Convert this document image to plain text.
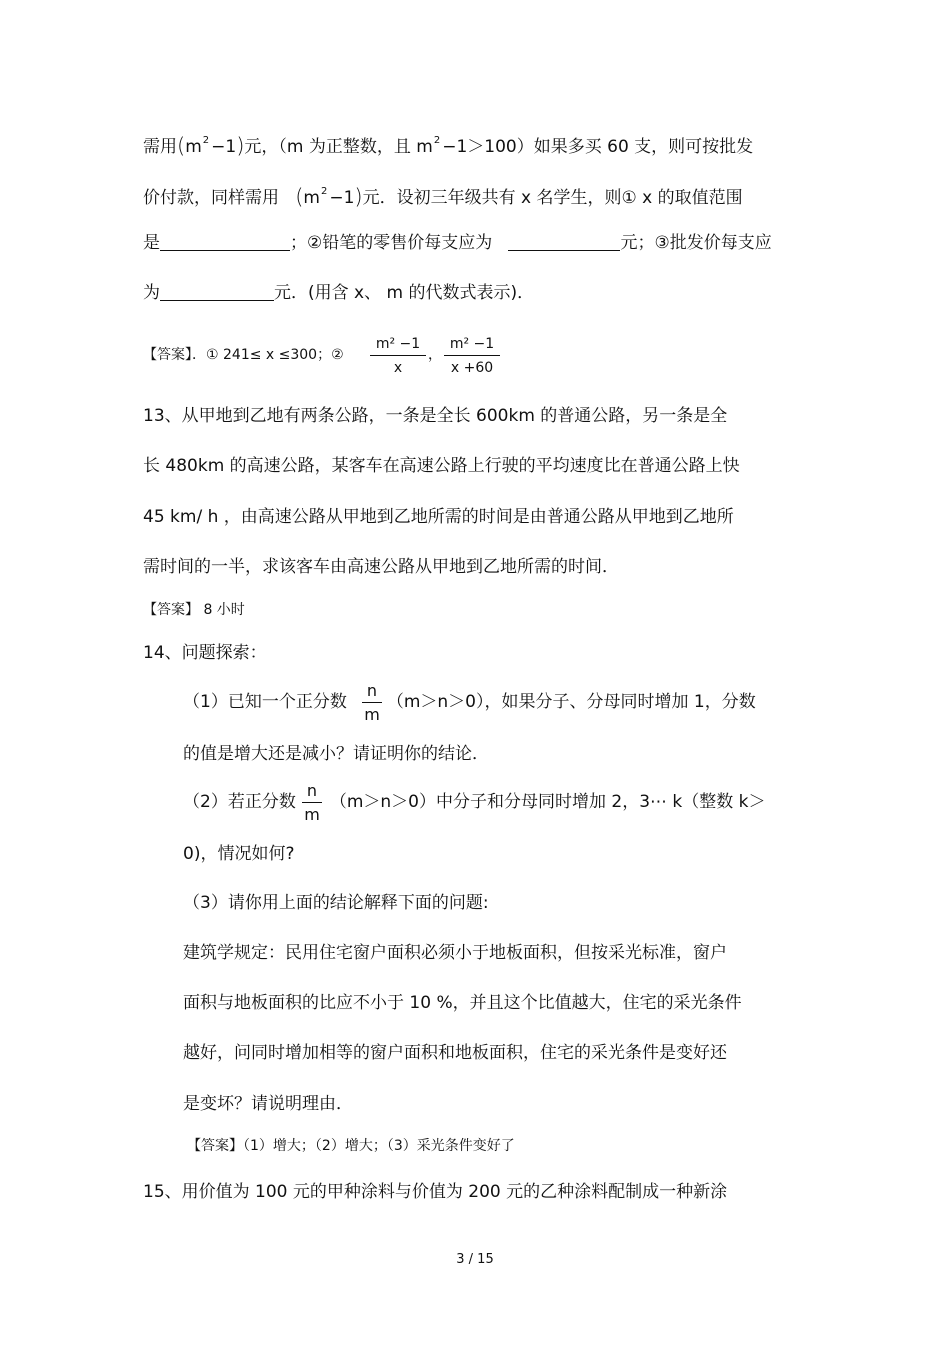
需用$(m^2 -1)$元，（m 为正整数，且 $m^2 -1>100$）如果多买 60 支，则可按批发
价付款，同样需用 $(m^2 -1)$元．设初三年级共有 x 名学生，则① x 的取值范围
是	；②铅笔的零售价每支应为	元；③批发价每支应
为	元．(用含 x、 m 的代数式表示)．
【答案】．① 241≤ x ≤300；②
m² −1
x
，
m² −1
x +60
13、从甲地到乙地有两条公路，一条是全长 600km 的普通公路，另一条是全
长 480km 的高速公路，某客车在高速公路上行驶的平均速度比在普通公路上快
45 km/ h ，由高速公路从甲地到乙地所需的时间是由普通公路从甲地到乙地所
需时间的一半，求该客车由高速公路从甲地到乙地所需的时间．
【答案】 8 小时
14、问题探索：
（1）已知一个正分数 （m＞n＞0），如果分子、分母同时增加 1，分数
n
m
的值是增大还是减小？请证明你的结论．
（2）若正分数 （m＞n＞0）中分子和分母同时增加 2，3⋯ k（整数 k＞
n
m
0)，情况如何?
（3）请你用上面的结论解释下面的问题:
建筑学规定：民用住宅窗户面积必须小于地板面积，但按采光标准，窗户
面积与地板面积的比应不小于 10 %，并且这个比值越大，住宅的采光条件
越好，问同时增加相等的窗户面积和地板面积，住宅的采光条件是变好还
是变坏？请说明理由．
【答案】（1）增大；（2）增大；（3）采光条件变好了
15、用价值为 100 元的甲种涂料与价值为 200 元的乙种涂料配制成一种新涂
3 / 15
